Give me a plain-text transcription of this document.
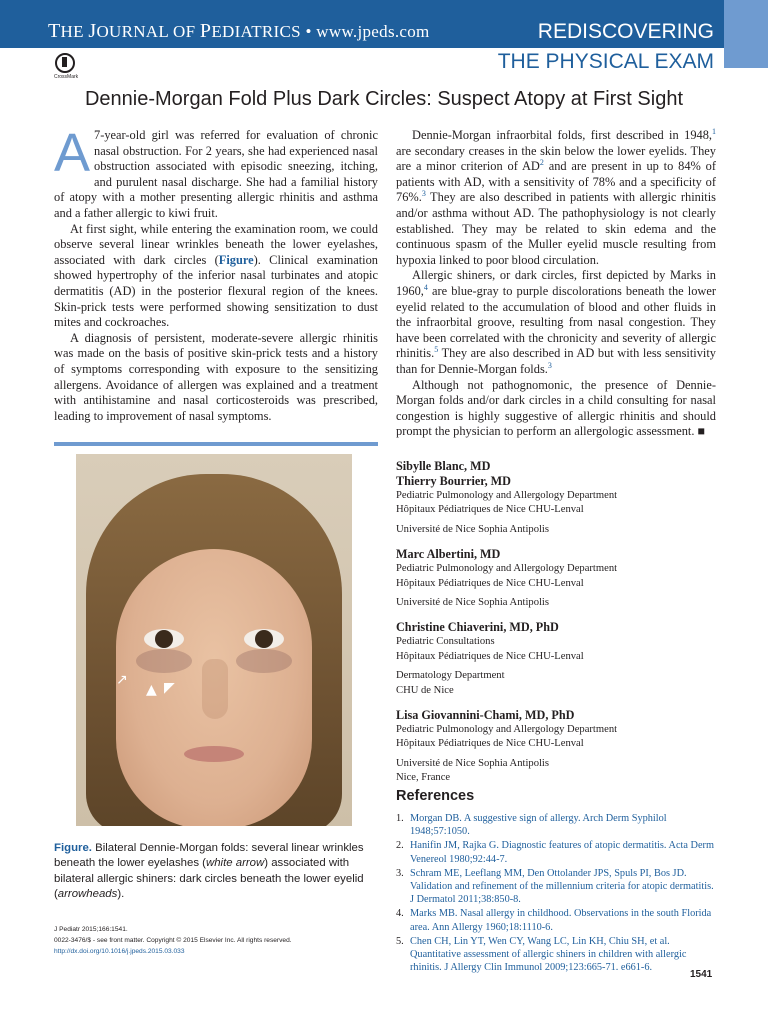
THE JOURNAL OF PEDIATRICS • www.jpeds.com	REDISCOVERING
THE PHYSICAL EXAM
CrossMark
Dennie-Morgan Fold Plus Dark Circles: Suspect Atopy at First Sight

A 7-year-old girl was referred for evaluation of chronic nasal obstruction. For 2 years, she had experienced nasal obstruction associated with episodic sneezing, itching, and purulent nasal discharge. She had a familial history of atopy with a mother presenting allergic rhinitis and asthma and a father allergic to kiwi fruit.

At first sight, while entering the examination room, we could observe several linear wrinkles beneath the lower eyelashes, associated with dark circles (Figure). Clinical examination showed hypertrophy of the inferior nasal turbinates and atopic dermatitis (AD) in the posterior flexural region of the knees. Skin-prick tests were performed showing sensitization to dust mites and cockroaches.

A diagnosis of persistent, moderate-severe allergic rhinitis was made on the basis of positive skin-prick tests and a history of symptoms corresponding with exposure to the sensitizing allergens. Avoidance of allergen was explained and a treatment with antihistamine and nasal corticosteroids was prescribed, leading to improvement of nasal symptoms.

Dennie-Morgan infraorbital folds, first described in 1948,$^1$ are secondary creases in the skin below the lower eyelids. They are a minor criterion of $AD^2$ and are present in up to 84% of patients with AD, with a sensitivity of 78% and a specificity of 76%.$^3$ They are also described in patients with allergic rhinitis and/or asthma without AD. The pathophysiology is not clearly established. They may be related to skin edema and the continuous spasm of the Muller eyelid muscle resulting from hypoxia linked to poor blood circulation.

Allergic shiners, or dark circles, first depicted by Marks in 1960,$^4$ are blue-gray to purple discolorations beneath the lower eyelid related to the accumulation of blood and other fluids in the infraorbital groove, resulting from nasal congestion. They have been correlated with the chronicity and severity of allergic rhinitis.$^5$ They are also described in AD but with less sensitivity than for Dennie-Morgan folds.$^3$

Although not pathognomonic, the presence of Dennie-Morgan folds and/or dark circles in a child consulting for nasal congestion is highly suggestive of allergic rhinitis and should prompt the physician to perform an allergologic assessment. ■

↗
▲ ◤
Figure. Bilateral Dennie-Morgan folds: several linear wrinkles beneath the lower eyelashes (white arrow) associated with bilateral allergic shiners: dark circles beneath the lower eyelid (arrowheads).
J Pediatr 2015;166:1541.
0022-3476/$ - see front matter. Copyright © 2015 Elsevier Inc. All rights reserved.
http://dx.doi.org/10.1016/j.jpeds.2015.03.033
Sibylle Blanc, MD
Thierry Bourrier, MD
Pediatric Pulmonology and Allergology Department
Hôpitaux Pédiatriques de Nice CHU-Lenval
Université de Nice Sophia Antipolis
Marc Albertini, MD
Pediatric Pulmonology and Allergology Department
Hôpitaux Pédiatriques de Nice CHU-Lenval
Université de Nice Sophia Antipolis
Christine Chiaverini, MD, PhD
Pediatric Consultations
Hôpitaux Pédiatriques de Nice CHU-Lenval
Dermatology Department
CHU de Nice
Lisa Giovannini-Chami, MD, PhD
Pediatric Pulmonology and Allergology Department
Hôpitaux Pédiatriques de Nice CHU-Lenval
Université de Nice Sophia Antipolis
Nice, France
References
1. Morgan DB. A suggestive sign of allergy. Arch Derm Syphilol 1948;57:1050.
2. Hanifin JM, Rajka G. Diagnostic features of atopic dermatitis. Acta Derm Venereol 1980;92:44-7.
3. Schram ME, Leeflang MM, Den Ottolander JPS, Spuls PI, Bos JD. Validation and refinement of the millennium criteria for atopic dermatitis. J Dermatol 2011;38:850-8.
4. Marks MB. Nasal allergy in childhood. Observations in the south Florida area. Ann Allergy 1960;18:1110-6.
5. Chen CH, Lin YT, Wen CY, Wang LC, Lin KH, Chiu SH, et al. Quantitative assessment of allergic shiners in children with allergic rhinitis. J Allergy Clin Immunol 2009;123:665-71. e661-6.
1541
